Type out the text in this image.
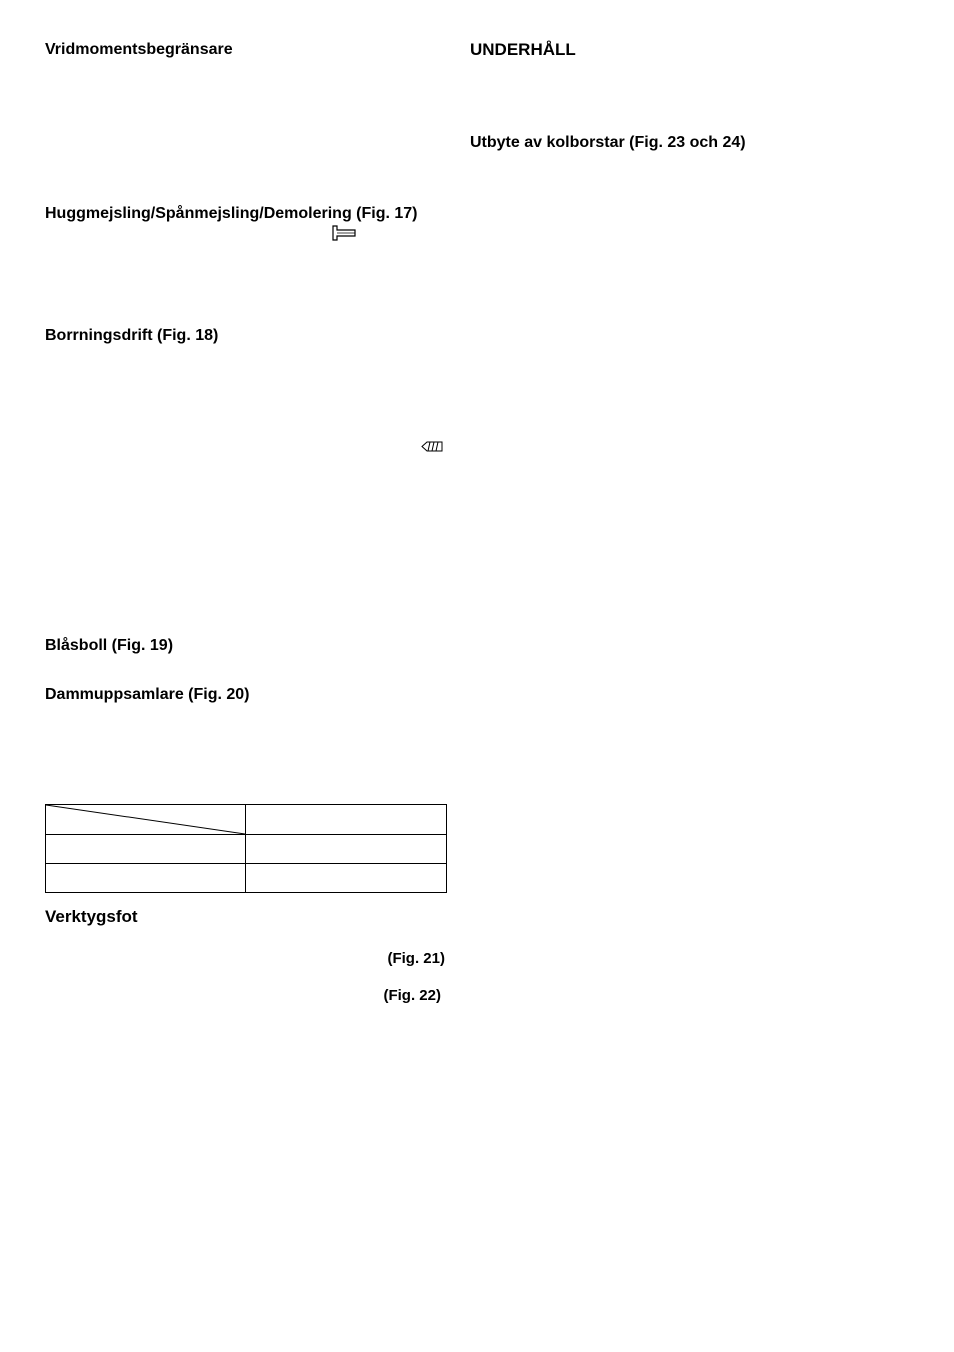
Vridmomentsbegränsare
Huggmejsling/Spånmejsling/Demolering (Fig. 17)
Borrningsdrift (Fig. 18)
Blåsboll (Fig. 19)
Dammuppsamlare (Fig. 20)

Verktygsfot
(Fig. 21)
(Fig. 22)
UNDERHÅLL
Utbyte av kolborstar (Fig. 23 och 24)
